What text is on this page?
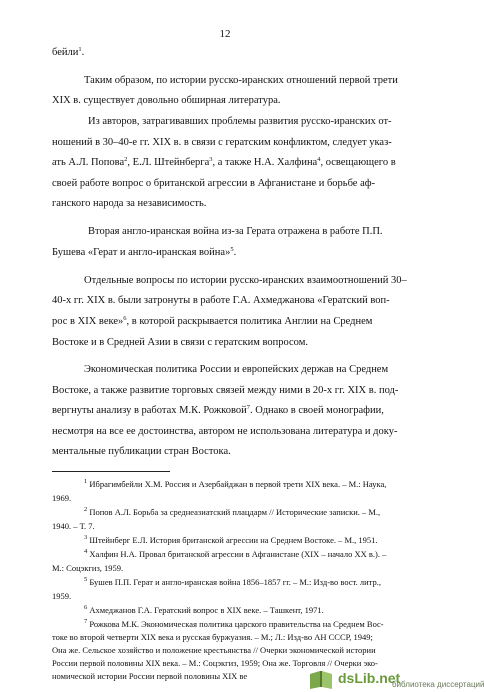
12
бейли$^1$.
Таким образом, по истории русско-иранских отношений первой трети
XIX в. существует довольно обширная литература.
Из авторов, затрагивавших проблемы развития русско-иранских от-
ношений в 30–40-е гг. XIX в. в связи с гератским конфликтом, следует указ-
ать А.Л. Попова$^2$, Е.Л. Штейнберга$^3$, а также Н.А. Халфина$^4$, освещающего в
своей работе вопрос о британской агрессии в Афганистане и борьбе аф-
ганского народа за независимость.
Вторая англо-иранская война из-за Герата отражена в работе П.П.
Бушева «Герат и англо-иранская война»$^5$.
Отдельные вопросы по истории русско-иранских взаимоотношений 30–
40-х гг. XIX в. были затронуты в работе Г.А. Ахмеджанова «Гератский воп-
рос в XIX веке»$^6$, в которой раскрывается политика Англии на Среднем
Востоке и в Средней Азии в связи с гератским вопросом.
Экономическая политика России и европейских держав на Среднем
Востоке, а также развитие торговых связей между ними в 20-х гг. XIX в. под-
вергнуты анализу в работах М.К. Рожковой$^7$. Однако в своей монографии,
несмотря на все ее достоинства, автором не использована литература и доку-
ментальные публикации стран Востока.
$^1$ Ибрагимбейли Х.М. Россия и Азербайджан в первой трети XIX века. – М.: Наука,
1969.
$^2$ Попов А.Л. Борьба за среднеазиатский плацдарм // Исторические записки. – М.,
1940. – Т. 7.
$^3$ Штейнберг Е.Л. История британской агрессии на Среднем Востоке. – М., 1951.
$^4$ Халфин Н.А. Провал британской агрессии в Афганистане (XIX – начало XX в.). –
М.: Соцэкгиз, 1959.
$^5$ Бушев П.П. Герат и англо-иранская война 1856–1857 гг. – М.: Изд-во вост. литр.,
1959.
$^6$ Ахмеджанов Г.А. Гератский вопрос в XIX веке. – Ташкент, 1971.
$^7$ Рожкова М.К. Экономическая политика царского правительства на Среднем Вос-
токе во второй четверти XIX века и русская буржуазия. – М.; Л.: Изд-во АН СССР, 1949;
Она же. Сельское хозяйство и положение крестьянства // Очерки экономической истории
России первой половины XIX века. – М.: Соцэкгиз, 1959; Она же. Торговля // Очерки эко-
номической истории России первой половины XIX ве	dsLib.net
библиотека диссертаций
